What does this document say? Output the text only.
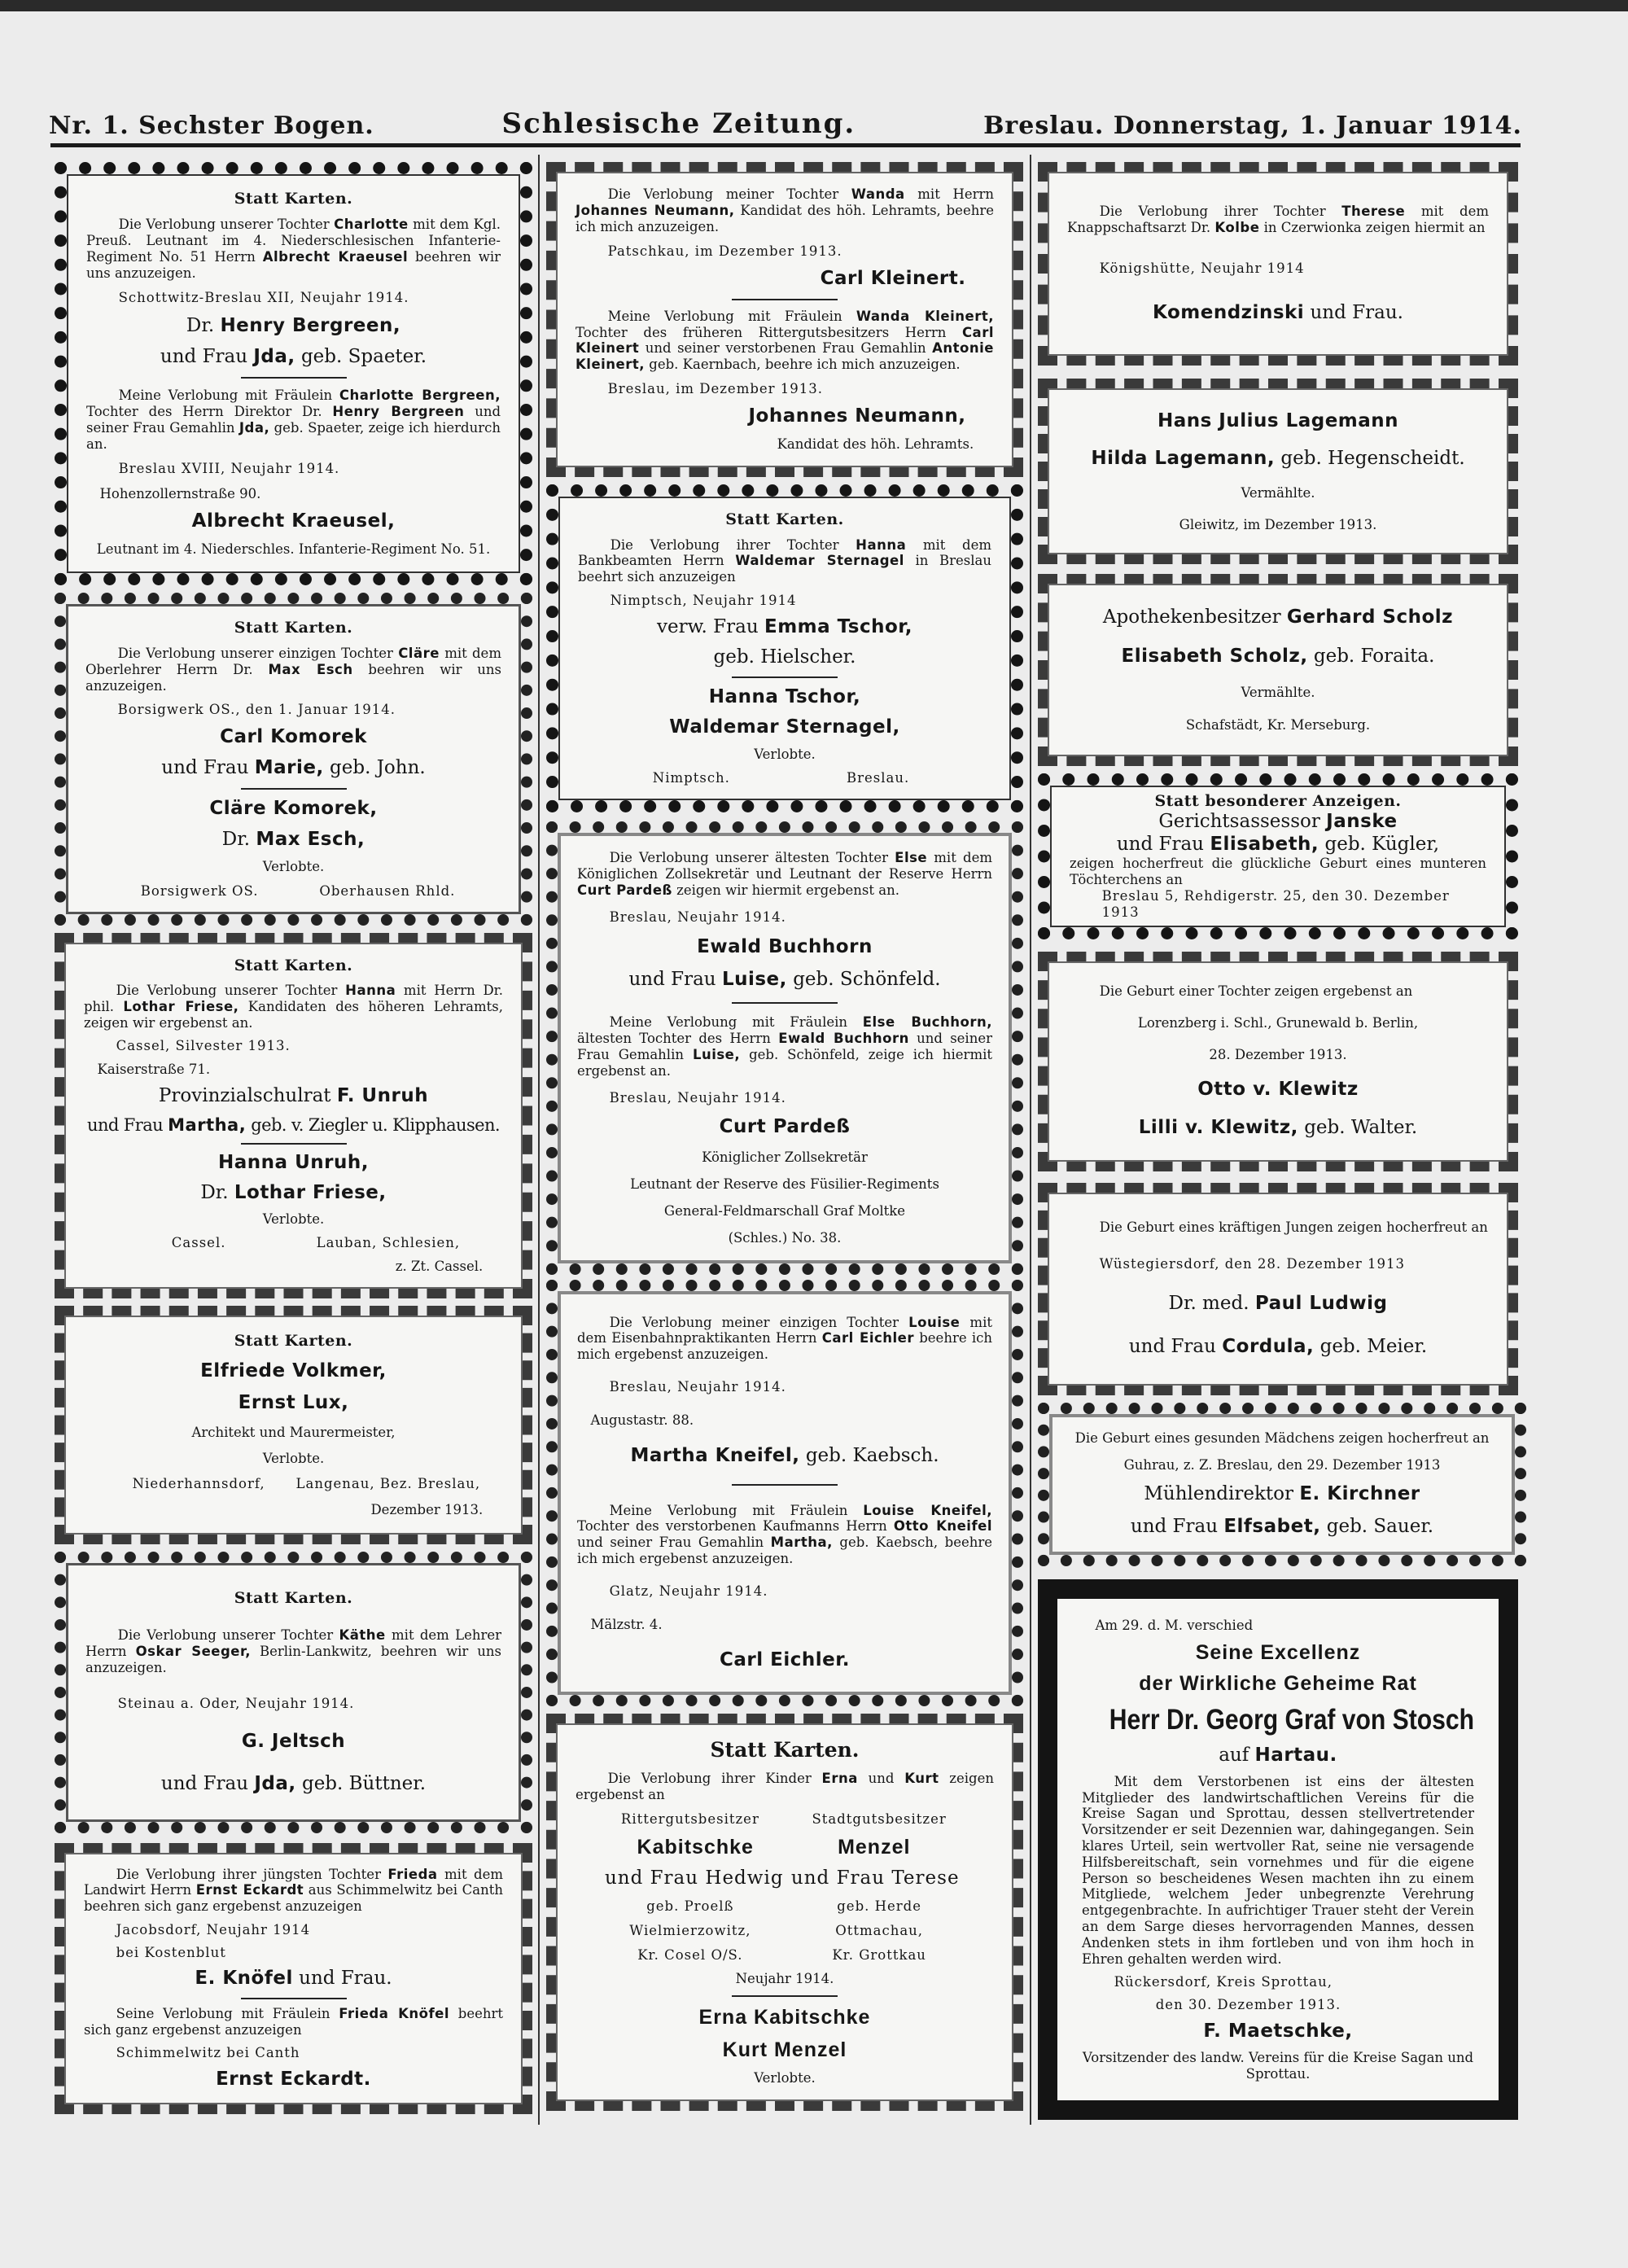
Nr. 1. Sechster Bogen.	Schlesische Zeitung.	Breslau. Donnerstag, 1. Januar 1914.
Statt Karten.
Die Verlobung unserer Tochter Charlotte mit dem Kgl. Preuß. Leutnant im 4. Niederschlesischen Infanterie-Regiment No. 51 Herrn Albrecht Kraeusel beehren wir uns anzuzeigen.
Schottwitz-Breslau XII, Neujahr 1914.
Dr. Henry Bergreen,
und Frau Jda, geb. Spaeter.
Meine Verlobung mit Fräulein Charlotte Bergreen, Tochter des Herrn Direktor Dr. Henry Bergreen und seiner Frau Gemahlin Jda, geb. Spaeter, zeige ich hierdurch an.
Breslau XVIII, Neujahr 1914.
Hohenzollernstraße 90.
Albrecht Kraeusel,
Leutnant im 4. Niederschles. Infanterie-Regiment No. 51.
Statt Karten.
Die Verlobung unserer einzigen Tochter Cläre mit dem Oberlehrer Herrn Dr. Max Esch beehren wir uns anzuzeigen.
Borsigwerk OS., den 1. Januar 1914.
Carl Komorek
und Frau Marie, geb. John.
Cläre Komorek,
Dr. Max Esch,
Verlobte.
Borsigwerk OS.	Oberhausen Rhld.
Statt Karten.
Die Verlobung unserer Tochter Hanna mit Herrn Dr. phil. Lothar Friese, Kandidaten des höheren Lehramts, zeigen wir ergebenst an.
Cassel, Silvester 1913.
Kaiserstraße 71.
Provinzialschulrat F. Unruh
und Frau Martha, geb. v. Ziegler u. Klipphausen.
Hanna Unruh,
Dr. Lothar Friese,
Verlobte.
Cassel.	Lauban, Schlesien,
z. Zt. Cassel.
Statt Karten.
Elfriede Volkmer,
Ernst Lux,
Architekt und Maurermeister,
Verlobte.
Niederhannsdorf,	Langenau, Bez. Breslau,
Dezember 1913.
Statt Karten.
Die Verlobung unserer Tochter Käthe mit dem Lehrer Herrn Oskar Seeger, Berlin-Lankwitz, beehren wir uns anzuzeigen.
Steinau a. Oder, Neujahr 1914.
G. Jeltsch
und Frau Jda, geb. Büttner.
Die Verlobung ihrer jüngsten Tochter Frieda mit dem Landwirt Herrn Ernst Eckardt aus Schimmelwitz bei Canth beehren sich ganz ergebenst anzuzeigen
Jacobsdorf, Neujahr 1914
bei Kostenblut
E. Knöfel und Frau.
Seine Verlobung mit Fräulein Frieda Knöfel beehrt sich ganz ergebenst anzuzeigen
Schimmelwitz bei Canth
Ernst Eckardt.
Die Verlobung meiner Tochter Wanda mit Herrn Johannes Neumann, Kandidat des höh. Lehramts, beehre ich mich anzuzeigen.
Patschkau, im Dezember 1913.
Carl Kleinert.
Meine Verlobung mit Fräulein Wanda Kleinert, Tochter des früheren Rittergutsbesitzers Herrn Carl Kleinert und seiner verstorbenen Frau Gemahlin Antonie Kleinert, geb. Kaernbach, beehre ich mich anzuzeigen.
Breslau, im Dezember 1913.
Johannes Neumann,
Kandidat des höh. Lehramts.
Statt Karten.
Die Verlobung ihrer Tochter Hanna mit dem Bankbeamten Herrn Waldemar Sternagel in Breslau beehrt sich anzuzeigen
Nimptsch, Neujahr 1914
verw. Frau Emma Tschor,
geb. Hielscher.
Hanna Tschor,
Waldemar Sternagel,
Verlobte.
Nimptsch.	Breslau.
Die Verlobung unserer ältesten Tochter Else mit dem Königlichen Zollsekretär und Leutnant der Reserve Herrn Curt Pardeß zeigen wir hiermit ergebenst an.
Breslau, Neujahr 1914.
Ewald Buchhorn
und Frau Luise, geb. Schönfeld.
Meine Verlobung mit Fräulein Else Buchhorn, ältesten Tochter des Herrn Ewald Buchhorn und seiner Frau Gemahlin Luise, geb. Schönfeld, zeige ich hiermit ergebenst an.
Breslau, Neujahr 1914.
Curt Pardeß
Königlicher Zollsekretär
Leutnant der Reserve des Füsilier-Regiments
General-Feldmarschall Graf Moltke
(Schles.) No. 38.
Die Verlobung meiner einzigen Tochter Louise mit dem Eisenbahnpraktikanten Herrn Carl Eichler beehre ich mich ergebenst anzuzeigen.
Breslau, Neujahr 1914.
Augustastr. 88.
Martha Kneifel, geb. Kaebsch.
Meine Verlobung mit Fräulein Louise Kneifel, Tochter des verstorbenen Kaufmanns Herrn Otto Kneifel und seiner Frau Gemahlin Martha, geb. Kaebsch, beehre ich mich ergebenst anzuzeigen.
Glatz, Neujahr 1914.
Mälzstr. 4.
Carl Eichler.
Statt Karten.
Die Verlobung ihrer Kinder Erna und Kurt zeigen ergebenst an
Rittergutsbesitzer	Stadtgutsbesitzer
Kabitschke	Menzel
und Frau Hedwig und Frau Terese
geb. Proelß	geb. Herde
Wielmierzowitz,	Ottmachau,
Kr. Cosel O/S.	Kr. Grottkau
Neujahr 1914.
Erna Kabitschke
Kurt Menzel
Verlobte.
Die Verlobung ihrer Tochter Therese mit dem Knappschaftsarzt Dr. Kolbe in Czerwionka zeigen hiermit an
Königshütte, Neujahr 1914
Komendzinski und Frau.
Hans Julius Lagemann
Hilda Lagemann, geb. Hegenscheidt.
Vermählte.
Gleiwitz, im Dezember 1913.
Apothekenbesitzer Gerhard Scholz
Elisabeth Scholz, geb. Foraita.
Vermählte.
Schafstädt, Kr. Merseburg.
Statt besonderer Anzeigen.
Gerichtsassessor Janske
und Frau Elisabeth, geb. Kügler,
zeigen hocherfreut die glückliche Geburt eines munteren Töchterchens an
Breslau 5, Rehdigerstr. 25, den 30. Dezember 1913
Die Geburt einer Tochter zeigen ergebenst an
Lorenzberg i. Schl., Grunewald b. Berlin,
28. Dezember 1913.
Otto v. Klewitz
Lilli v. Klewitz, geb. Walter.
Die Geburt eines kräftigen Jungen zeigen hocherfreut an
Wüstegiersdorf, den 28. Dezember 1913
Dr. med. Paul Ludwig
und Frau Cordula, geb. Meier.
Die Geburt eines gesunden Mädchens zeigen hocherfreut an
Guhrau, z. Z. Breslau, den 29. Dezember 1913
Mühlendirektor E. Kirchner
und Frau Elfsabet, geb. Sauer.
Am 29. d. M. verschied
Seine Excellenz
der Wirkliche Geheime Rat
Herr Dr. Georg Graf von Stosch
auf Hartau.
Mit dem Verstorbenen ist eins der ältesten Mitglieder des landwirtschaftlichen Vereins für die Kreise Sagan und Sprottau, dessen stellvertretender Vorsitzender er seit Dezennien war, dahingegangen. Sein klares Urteil, sein wertvoller Rat, seine nie versagende Hilfsbereitschaft, sein vornehmes und für die eigene Person so bescheidenes Wesen machten ihn zu einem Mitgliede, welchem Jeder unbegrenzte Verehrung entgegenbrachte. In aufrichtiger Trauer steht der Verein an dem Sarge dieses hervorragenden Mannes, dessen Andenken stets in ihm fortleben und von ihm hoch in Ehren gehalten werden wird.
Rückersdorf, Kreis Sprottau,
den 30. Dezember 1913.
F. Maetschke,
Vorsitzender des landw. Vereins für die Kreise Sagan und Sprottau.
